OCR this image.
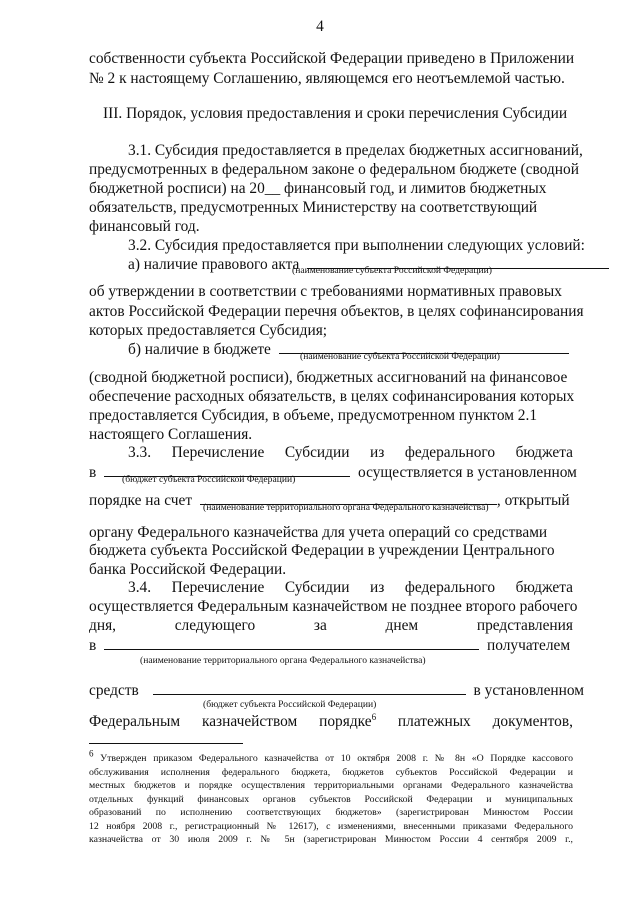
4
собственности субъекта Российской Федерации приведено в Приложении
№ 2 к настоящему Соглашению, являющемся его неотъемлемой частью.
III. Порядок, условия предоставления и сроки перечисления Субсидии
3.1. Субсидия предоставляется в пределах бюджетных ассигнований,
предусмотренных в федеральном законе о федеральном бюджете (сводной
бюджетной росписи) на 20__ финансовый год, и лимитов бюджетных
обязательств, предусмотренных Министерству на соответствующий
финансовый год.
3.2. Субсидия предоставляется при выполнении следующих условий:
а) наличие правового акта
(наименование субъекта Российской Федерации)
об утверждении в соответствии с требованиями нормативных правовых
актов Российской Федерации перечня объектов, в целях софинансирования
которых предоставляется Субсидия;
б) наличие в бюджете	(наименование субъекта Российской Федерации)
(сводной бюджетной росписи), бюджетных ассигнований на финансовое
обеспечение расходных обязательств, в целях софинансирования которых
предоставляется Субсидия, в объеме, предусмотренном пунктом 2.1
настоящего Соглашения.
3.3. Перечисление Субсидии из федерального бюджета
в	осуществляется в установленном
(бюджет субъекта Российской Федерации)
порядке на счет	, открытый
(наименование территориального органа Федерального казначейства)
органу Федерального казначейства для учета операций со средствами
бюджета субъекта Российской Федерации в учреждении Центрального
банка Российской Федерации.
3.4. Перечисление Субсидии из федерального бюджета
осуществляется Федеральным казначейством не позднее второго рабочего
дня,	следующего	за	днем	представления
в	получателем
(наименование территориального органа Федерального казначейства)
средств	в установленном
(бюджет субъекта Российской Федерации)
Федеральным казначейством порядке$^6$ платежных документов,
$^6$ Утвержден приказом Федерального казначейства от 10 октября 2008 г. № 8н «О Порядке кассового
обслуживания исполнения федерального бюджета, бюджетов субъектов Российской Федерации и
местных бюджетов и порядке осуществления территориальными органами Федерального казначейства
отдельных функций финансовых органов субъектов Российской Федерации и муниципальных
образований по исполнению соответствующих бюджетов» (зарегистрирован Минюстом России
12 ноября 2008 г., регистрационный № 12617), с изменениями, внесенными приказами Федерального
казначейства от 30 июля 2009 г. № 5н (зарегистрирован Минюстом России 4 сентября 2009 г.,
